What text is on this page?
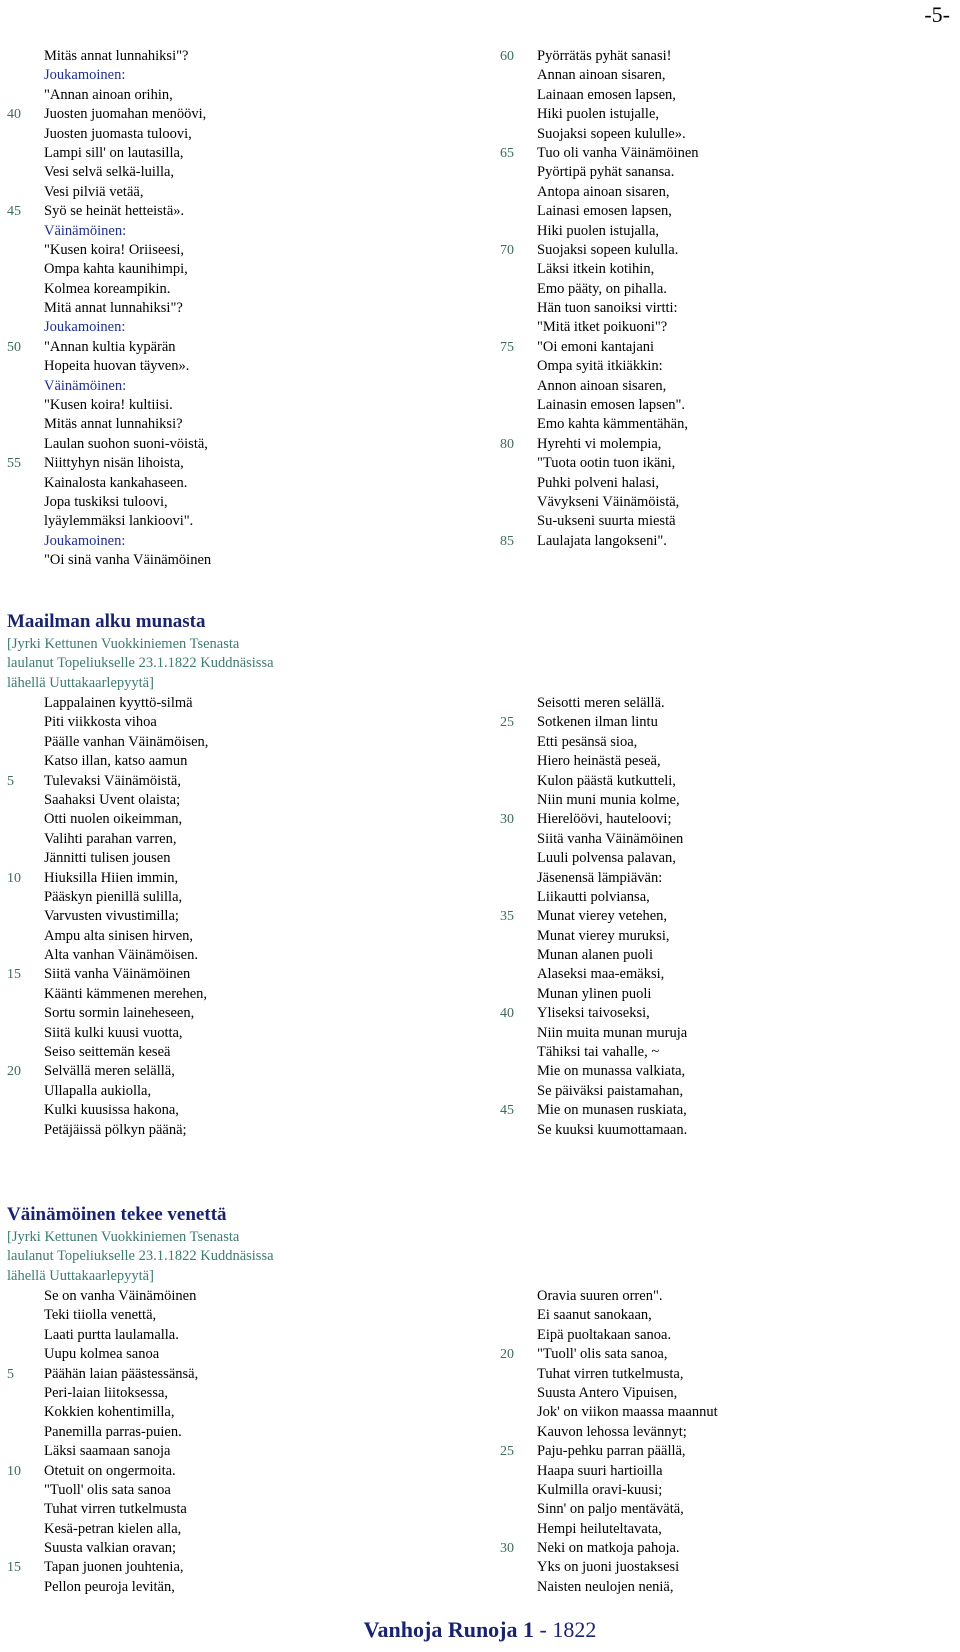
-5-
Mitäs annat lunnahiksi"?
Joukamoinen:
"Annan ainoan orihin,
40	Juosten juomahan menöövi,
Juosten juomasta tuloovi,
Lampi sill' on lautasilla,
Vesi selvä selkä-luilla,
Vesi pilviä vetää,
45	Syö se heinät hetteistä».
Väinämöinen:
"Kusen koira! Oriiseesi,
Ompa kahta kaunihimpi,
Kolmea koreampikin.
Mitä annat lunnahiksi"?
Joukamoinen:
50	"Annan kultia kypärän
Hopeita huovan täyven».
Väinämöinen:
"Kusen koira! kultiisi.
Mitäs annat lunnahiksi?
Laulan suohon suoni-vöistä,
55	Niittyhyn nisän lihoista,
Kainalosta kankahaseen.
Jopa tuskiksi tuloovi,
lyäylemmäksi lankioovi".
Joukamoinen:
"Oi sinä vanha Väinämöinen
60	Pyörrätäs pyhät sanasi!
Annan ainoan sisaren,
Lainaan emosen lapsen,
Hiki puolen istujalle,
Suojaksi sopeen kululle».
65	Tuo oli vanha Väinämöinen
Pyörtipä pyhät sanansa.
Antopa ainoan sisaren,
Lainasi emosen lapsen,
Hiki puolen istujalla,
70	Suojaksi sopeen kululla.
Läksi itkein kotihin,
Emo pääty, on pihalla.
Hän tuon sanoiksi virtti:
"Mitä itket poikuoni"?
75	"Oi emoni kantajani
Ompa syitä itkiäkkin:
Annon ainoan sisaren,
Lainasin emosen lapsen".
Emo kahta kämmentähän,
80	Hyrehti vi molempia,
"Tuota ootin tuon ikäni,
Puhki polveni halasi,
Vävykseni Väinämöistä,
Su-ukseni suurta miestä
85	Laulajata langokseni".
Maailman alku munasta
[Jyrki Kettunen Vuokkiniemen Tsenasta
laulanut Topeliukselle 23.1.1822 Kuddnäsissa
lähellä Uuttakaarlepyytä]
Lappalainen kyyttö-silmä
Piti viikkosta vihoa
Päälle vanhan Väinämöisen,
Katso illan, katso aamun
5	Tulevaksi Väinämöistä,
Saahaksi Uvent olaista;
Otti nuolen oikeimman,
Valihti parahan varren,
Jännitti tulisen jousen
10	Hiuksilla Hiien immin,
Pääskyn pienillä sulilla,
Varvusten vivustimilla;
Ampu alta sinisen hirven,
Alta vanhan Väinämöisen.
15	Siitä vanha Väinämöinen
Käänti kämmenen merehen,
Sortu sormin laineheseen,
Siitä kulki kuusi vuotta,
Seiso seittemän keseä
20	Selvällä meren selällä,
Ullapalla aukiolla,
Kulki kuusissa hakona,
Petäjäissä pölkyn päänä;
Seisotti meren selällä.
25	Sotkenen ilman lintu
Etti pesänsä sioa,
Hiero heinästä peseä,
Kulon päästä kutkutteli,
Niin muni munia kolme,
30	Hierelöövi, hauteloovi;
Siitä vanha Väinämöinen
Luuli polvensa palavan,
Jäsenensä lämpiävän:
Liikautti polviansa,
35	Munat vierey vetehen,
Munat vierey muruksi,
Munan alanen puoli
Alaseksi maa-emäksi,
Munan ylinen puoli
40	Yliseksi taivoseksi,
Niin muita munan muruja
Tähiksi tai vahalle, ~
Mie on munassa valkiata,
Se päiväksi paistamahan,
45	Mie on munasen ruskiata,
Se kuuksi kuumottamaan.
Väinämöinen tekee venettä
[Jyrki Kettunen Vuokkiniemen Tsenasta
laulanut Topeliukselle 23.1.1822 Kuddnäsissa
lähellä Uuttakaarlepyytä]
Se on vanha Väinämöinen
Teki tiiolla venettä,
Laati purtta laulamalla.
Uupu kolmea sanoa
5	Päähän laian päästessänsä,
Peri-laian liitoksessa,
Kokkien kohentimilla,
Panemilla parras-puien.
Läksi saamaan sanoja
10	Otetuit on ongermoita.
"Tuoll' olis sata sanoa
Tuhat virren tutkelmusta
Kesä-petran kielen alla,
Suusta valkian oravan;
15	Tapan juonen jouhtenia,
Pellon peuroja levitän,
Oravia suuren orren".
Ei saanut sanokaan,
Eipä puoltakaan sanoa.
20	"Tuoll' olis sata sanoa,
Tuhat virren tutkelmusta,
Suusta Antero Vipuisen,
Jok' on viikon maassa maannut
Kauvon lehossa levännyt;
25	Paju-pehku parran päällä,
Haapa suuri hartioilla
Kulmilla oravi-kuusi;
Sinn' on paljo mentävätä,
Hempi heiluteltavata,
30	Neki on matkoja pahoja.
Yks on juoni juostaksesi
Naisten neulojen neniä,
Vanhoja Runoja 1 - 1822
